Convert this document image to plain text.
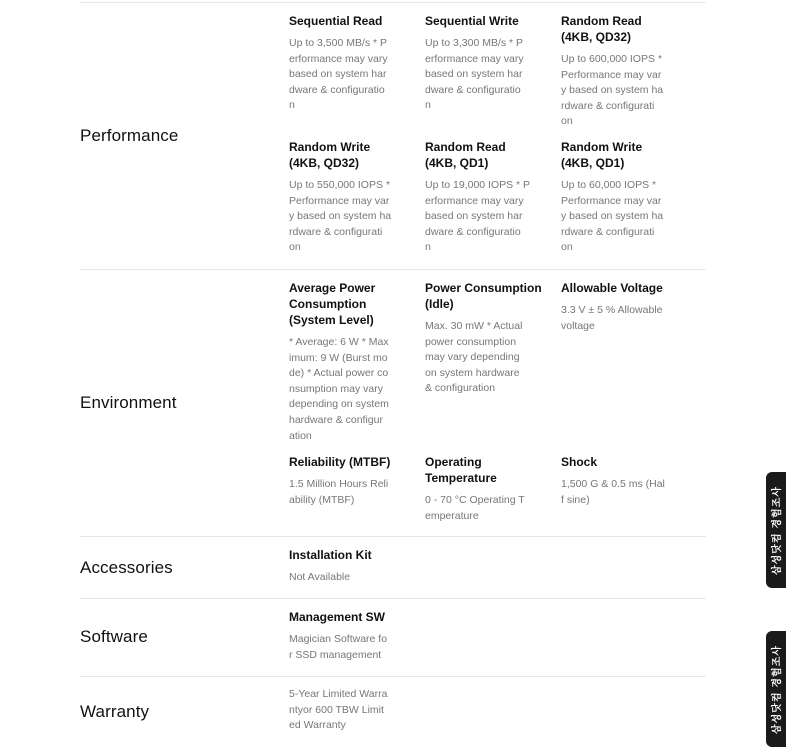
Performance
Sequential Read
Up to 3,500 MB/s * P
erformance may vary
based on system har
dware & configuratio
n
Sequential Write
Up to 3,300 MB/s * P
erformance may vary
based on system har
dware & configuratio
n
Random Read
(4KB, QD32)
Up to 600,000 IOPS *
Performance may var
y based on system ha
rdware & configurati
on
Random Write
(4KB, QD32)
Up to 550,000 IOPS *
Performance may var
y based on system ha
rdware & configurati
on
Random Read
(4KB, QD1)
Up to 19,000 IOPS * P
erformance may vary
based on system har
dware & configuratio
n
Random Write
(4KB, QD1)
Up to 60,000 IOPS *
Performance may var
y based on system ha
rdware & configurati
on
Environment
Average Power
Consumption
(System Level)
* Average: 6 W * Max
imum: 9 W (Burst mo
de) * Actual power co
nsumption may vary
depending on system
hardware & configur
ation
Power Consumption
(Idle)
Max. 30 mW * Actual
power consumption
may vary depending
on system hardware
& configuration
Allowable Voltage
3.3 V ± 5 % Allowable
voltage
Reliability (MTBF)
1.5 Million Hours Reli
ability (MTBF)
Operating
Temperature
0 - 70 °C Operating T
emperature
Shock
1,500 G & 0.5 ms (Hal
f sine)
Accessories
Installation Kit
Not Available
Software
Management SW
Magician Software fo
r SSD management
Warranty
5-Year Limited Warra
ntyor 600 TBW Limit
ed Warranty
삼성닷컴 경험조사
삼성닷컴 경험조사
